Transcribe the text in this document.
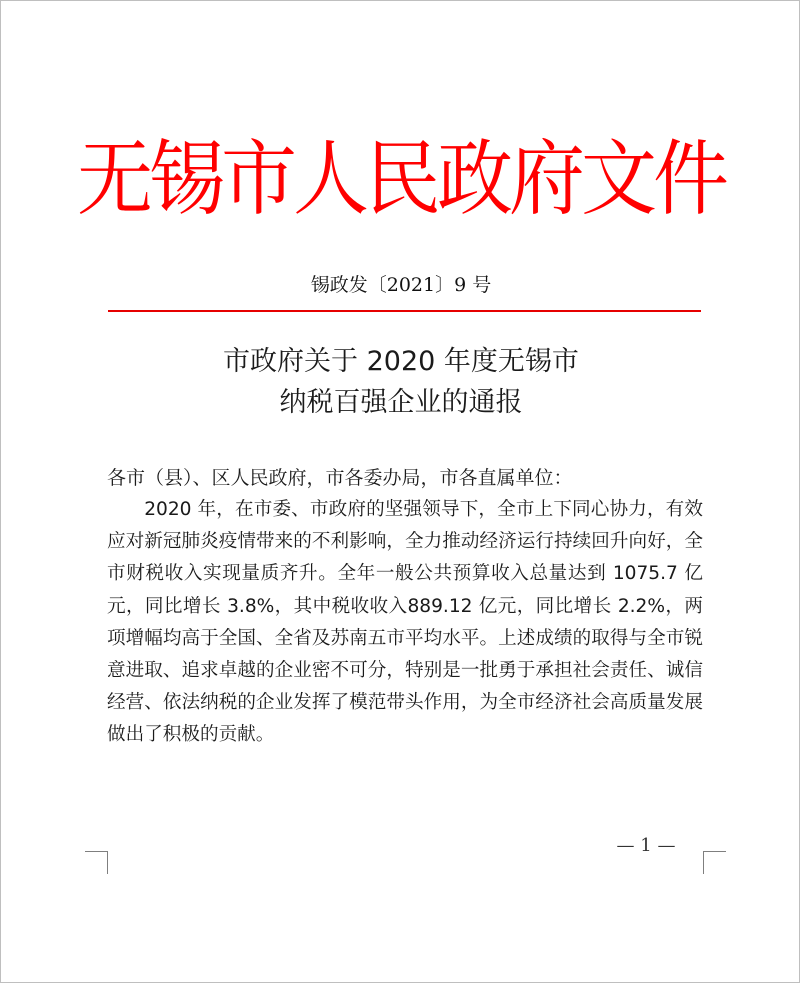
无锡市人民政府文件
锡政发〔2021〕9 号
市政府关于 2020 年度无锡市
纳税百强企业的通报
各市（县）、区人民政府，市各委办局，市各直属单位：
2020 年，在市委、市政府的坚强领导下，全市上下同心协力，有效应对新冠肺炎疫情带来的不利影响，全力推动经济运行持续回升向好，全市财税收入实现量质齐升。全年一般公共预算收入总量达到 1075.7 亿元，同比增长 3.8%，其中税收收入889.12 亿元，同比增长 2.2%，两项增幅均高于全国、全省及苏南五市平均水平。上述成绩的取得与全市锐意进取、追求卓越的企业密不可分，特别是一批勇于承担社会责任、诚信经营、依法纳税的企业发挥了模范带头作用，为全市经济社会高质量发展做出了积极的贡献。
— 1 —
